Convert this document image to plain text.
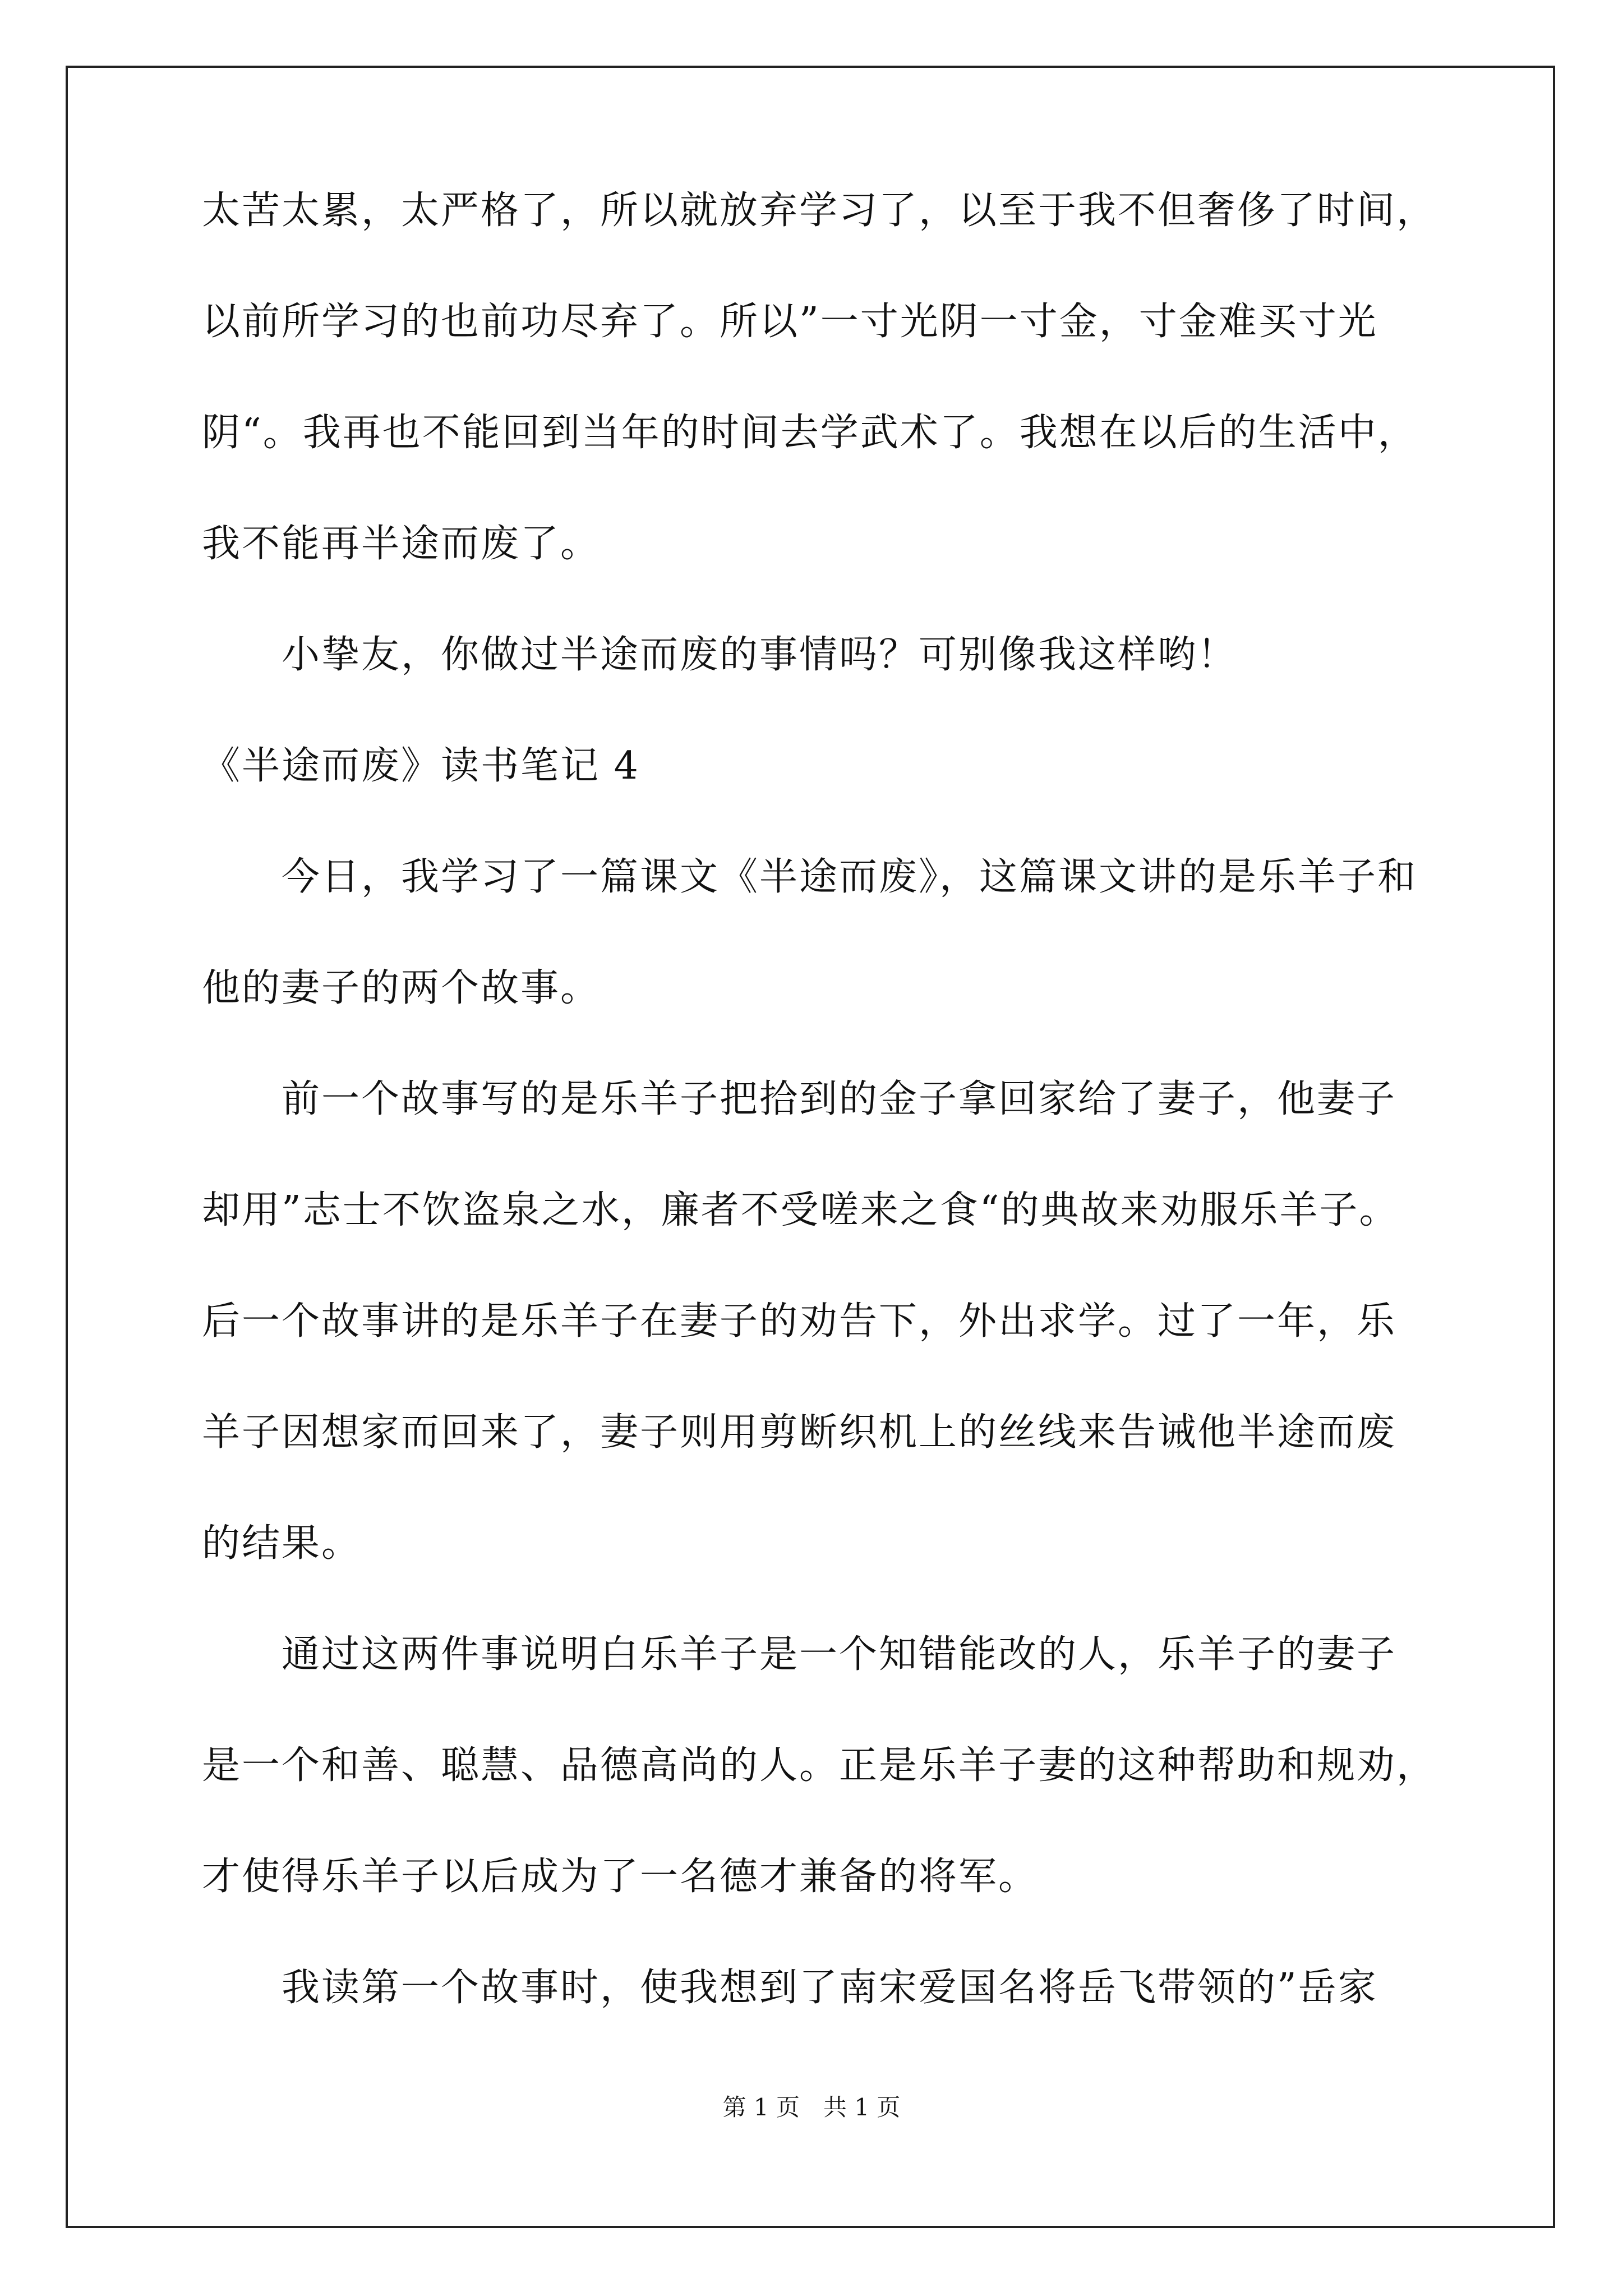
太苦太累，太严格了，所以就放弃学习了，以至于我不但奢侈了时间，
以前所学习的也前功尽弃了。所以”一寸光阴一寸金，寸金难买寸光
阴“。我再也不能回到当年的时间去学武术了。我想在以后的生活中，
我不能再半途而废了。
　　小挚友，你做过半途而废的事情吗？可别像我这样哟！
《半途而废》读书笔记 4
　　今日，我学习了一篇课文《半途而废》，这篇课文讲的是乐羊子和
他的妻子的两个故事。
　　前一个故事写的是乐羊子把拾到的金子拿回家给了妻子，他妻子
却用”志士不饮盗泉之水，廉者不受嗟来之食“的典故来劝服乐羊子。
后一个故事讲的是乐羊子在妻子的劝告下，外出求学。过了一年，乐
羊子因想家而回来了，妻子则用剪断织机上的丝线来告诫他半途而废
的结果。
　　通过这两件事说明白乐羊子是一个知错能改的人，乐羊子的妻子
是一个和善、聪慧、品德高尚的人。正是乐羊子妻的这种帮助和规劝，
才使得乐羊子以后成为了一名德才兼备的将军。
　　我读第一个故事时，使我想到了南宋爱国名将岳飞带领的”岳家
第 1 页　共 1 页
